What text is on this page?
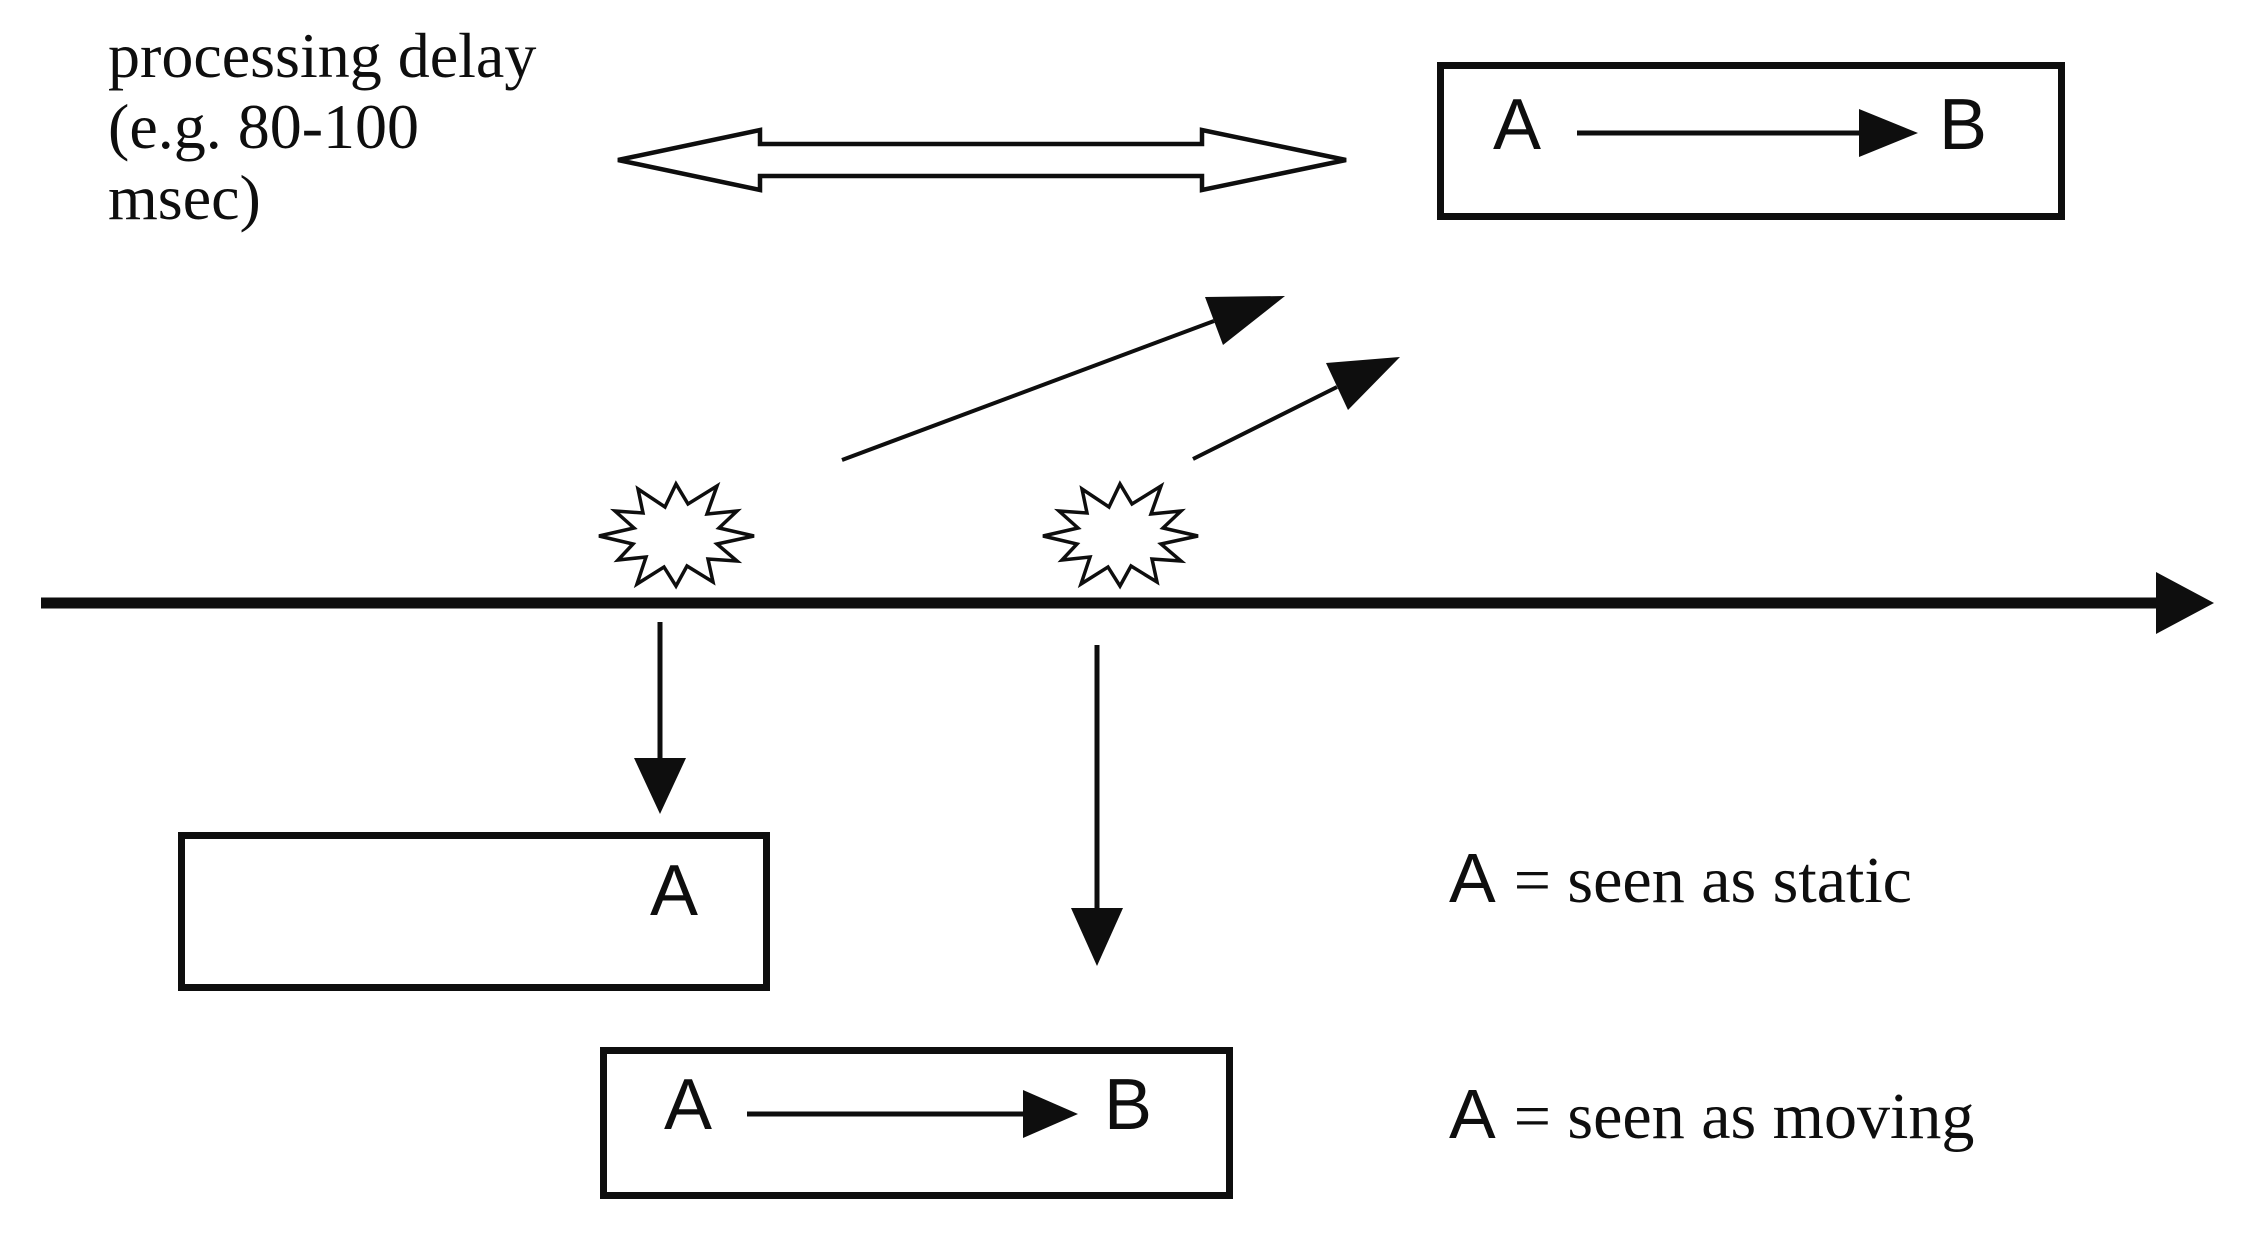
processing delay
(e.g. 80-100
msec)
A	B
A
A	B
A = seen as static
A = seen as moving
